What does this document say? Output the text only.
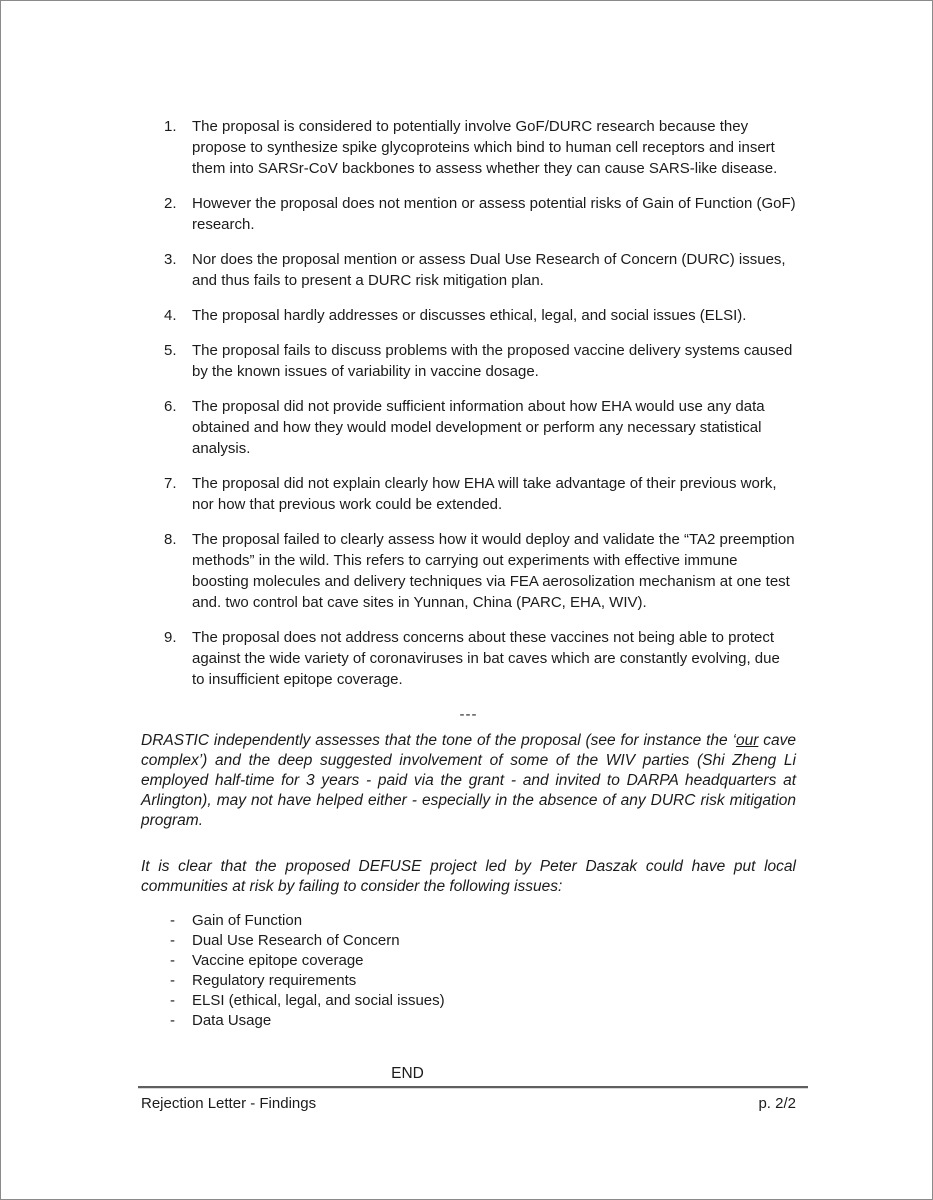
1.	The proposal is considered to potentially involve GoF/DURC research because they propose to synthesize spike glycoproteins which bind to human cell receptors and insert them into SARSr-CoV backbones to assess whether they can cause SARS-like disease.
2.	However the proposal does not mention or assess potential risks of Gain of Function (GoF) research.
3.	Nor does the proposal mention or assess Dual Use Research of Concern (DURC) issues, and thus fails to present a DURC risk mitigation plan.
4.	The proposal hardly addresses or discusses ethical, legal, and social issues (ELSI).
5.	The proposal fails to discuss problems with the proposed vaccine delivery systems caused by the known issues of variability in vaccine dosage.
6.	The proposal did not provide sufficient information about how EHA would use any data obtained and how they would model development or perform any necessary statistical analysis.
7.	The proposal did not explain clearly how EHA will take advantage of their previous work, nor how that previous work could be extended.
8.	The proposal failed to clearly assess how it would deploy and validate the “TA2 preemption methods” in the wild. This refers to carrying out experiments with effective immune boosting molecules and delivery techniques via FEA aerosolization mechanism at one test and. two control bat cave sites in Yunnan, China (PARC, EHA, WIV).
9.	The proposal does not address concerns about these vaccines not being able to protect against the wide variety of coronaviruses in bat caves which are constantly evolving, due to insufficient epitope coverage.
---

DRASTIC independently assesses that the tone of the proposal (see for instance the ‘our cave complex’) and the deep suggested involvement of some of the WIV parties (Shi Zheng Li employed half-time for 3 years - paid via the grant - and invited to DARPA headquarters at Arlington), may not have helped either - especially in the absence of any DURC risk mitigation program.

It is clear that the proposed DEFUSE project led by Peter Daszak could have put local communities at risk by failing to consider the following issues:

-	Gain of Function
-	Dual Use Research of Concern
-	Vaccine epitope coverage
-	Regulatory requirements
-	ELSI (ethical, legal, and social issues)
-	Data Usage
END
Rejection Letter - Findings	p. 2/2
